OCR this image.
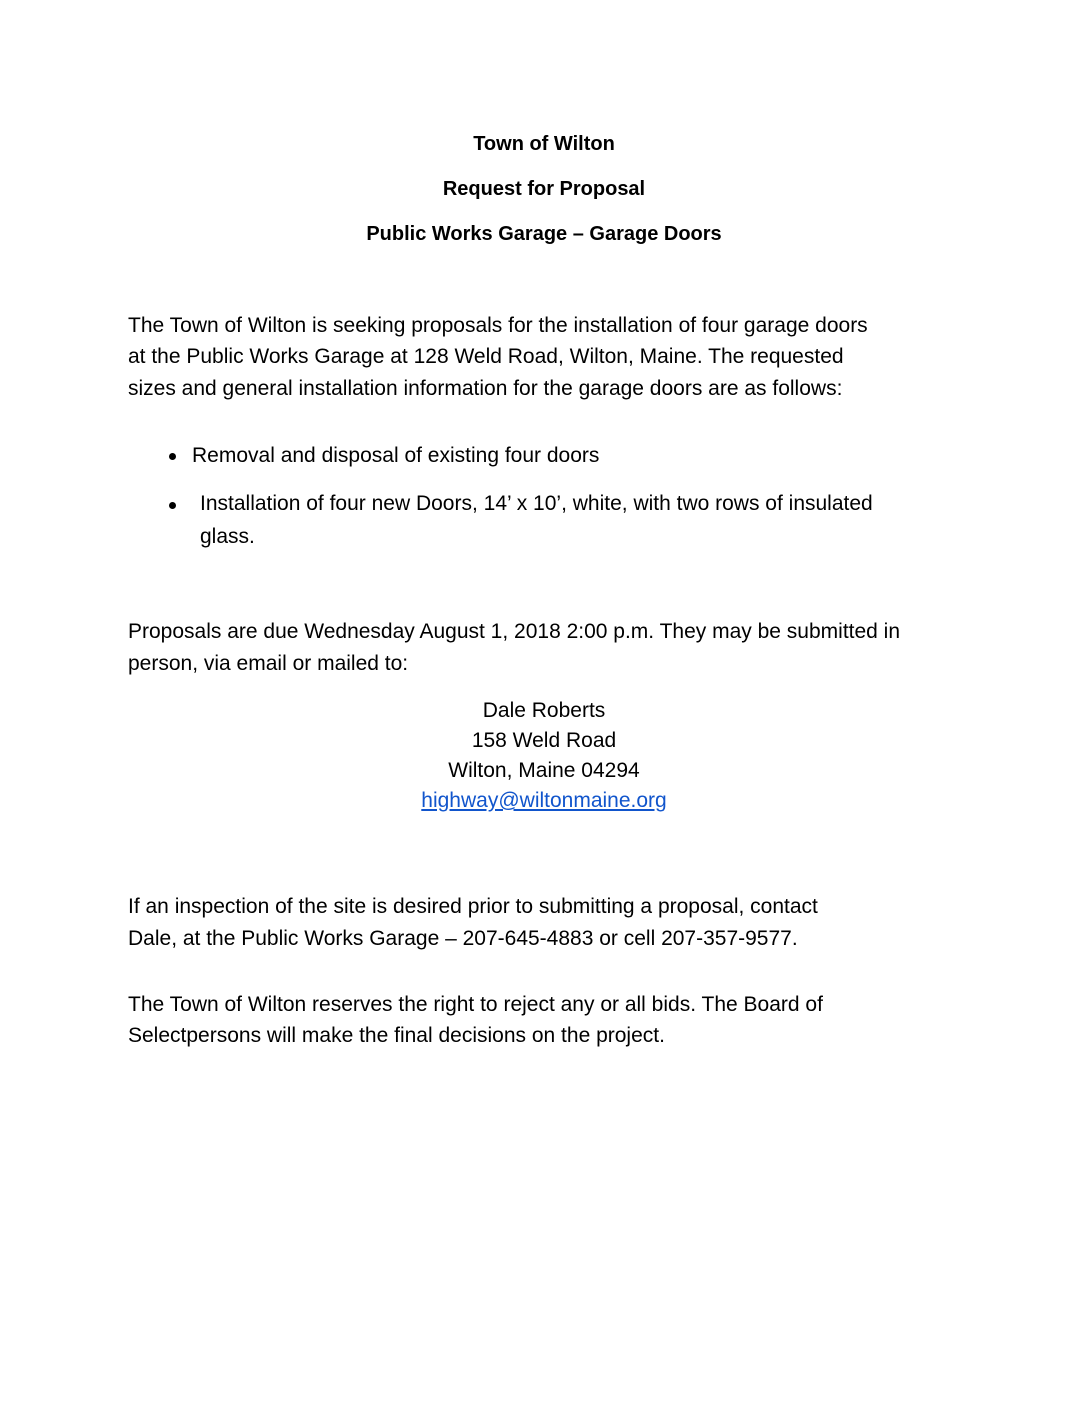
Town of Wilton
Request for Proposal
Public Works Garage – Garage Doors
The Town of Wilton is seeking proposals for the installation of four garage doors
at the Public Works Garage at 128 Weld Road, Wilton, Maine. The requested
sizes and general installation information for the garage doors are as follows:
Removal and disposal of existing four doors
Installation of four new Doors, 14’ x 10’, white, with two rows of insulated
glass.
Proposals are due Wednesday August 1, 2018 2:00 p.m. They may be submitted in
person, via email or mailed to:
Dale Roberts
158 Weld Road
Wilton, Maine 04294
highway@wiltonmaine.org
If an inspection of the site is desired prior to submitting a proposal, contact
Dale, at the Public Works Garage – 207-645-4883 or cell 207-357-9577.
The Town of Wilton reserves the right to reject any or all bids. The Board of
Selectpersons will make the final decisions on the project.
